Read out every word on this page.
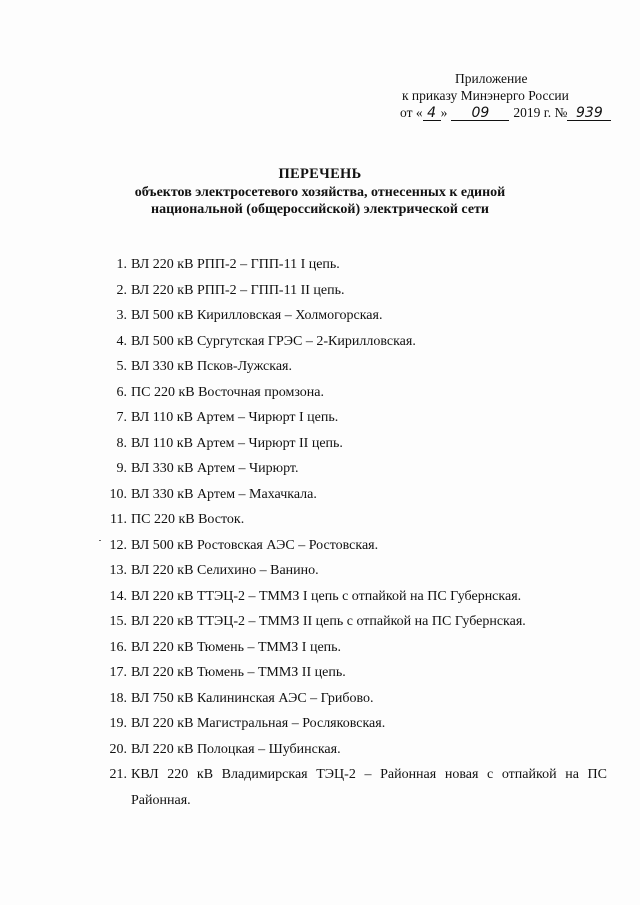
Приложение
к приказу Минэнерго России
от « 4 » 09 2019 г. № 939
ПЕРЕЧЕНЬ
объектов электросетевого хозяйства, отнесенных к единой
национальной (общероссийской) электрической сети
1. ВЛ 220 кВ РПП-2 – ГПП-11 I цепь.
2. ВЛ 220 кВ РПП-2 – ГПП-11 II цепь.
3. ВЛ 500 кВ Кирилловская – Холмогорская.
4. ВЛ 500 кВ Сургутская ГРЭС – 2-Кирилловская.
5. ВЛ 330 кВ Псков-Лужская.
6. ПС 220 кВ Восточная промзона.
7. ВЛ 110 кВ Артем – Чирюрт I цепь.
8. ВЛ 110 кВ Артем – Чирюрт II цепь.
9. ВЛ 330 кВ Артем – Чирюрт.
10. ВЛ 330 кВ Артем – Махачкала.
11. ПС 220 кВ Восток.
12. ВЛ 500 кВ Ростовская АЭС – Ростовская.
13. ВЛ 220 кВ Селихино – Ванино.
14. ВЛ 220 кВ ТТЭЦ-2 – ТММЗ I цепь с отпайкой на ПС Губернская.
15. ВЛ 220 кВ ТТЭЦ-2 – ТММЗ II цепь с отпайкой на ПС Губернская.
16. ВЛ 220 кВ Тюмень – ТММЗ I цепь.
17. ВЛ 220 кВ Тюмень – ТММЗ II цепь.
18. ВЛ 750 кВ Калининская АЭС – Грибово.
19. ВЛ 220 кВ Магистральная – Росляковская.
20. ВЛ 220 кВ Полоцкая – Шубинская.
21. КВЛ 220 кВ Владимирская ТЭЦ-2 – Районная новая с отпайкой на ПС
Районная.
